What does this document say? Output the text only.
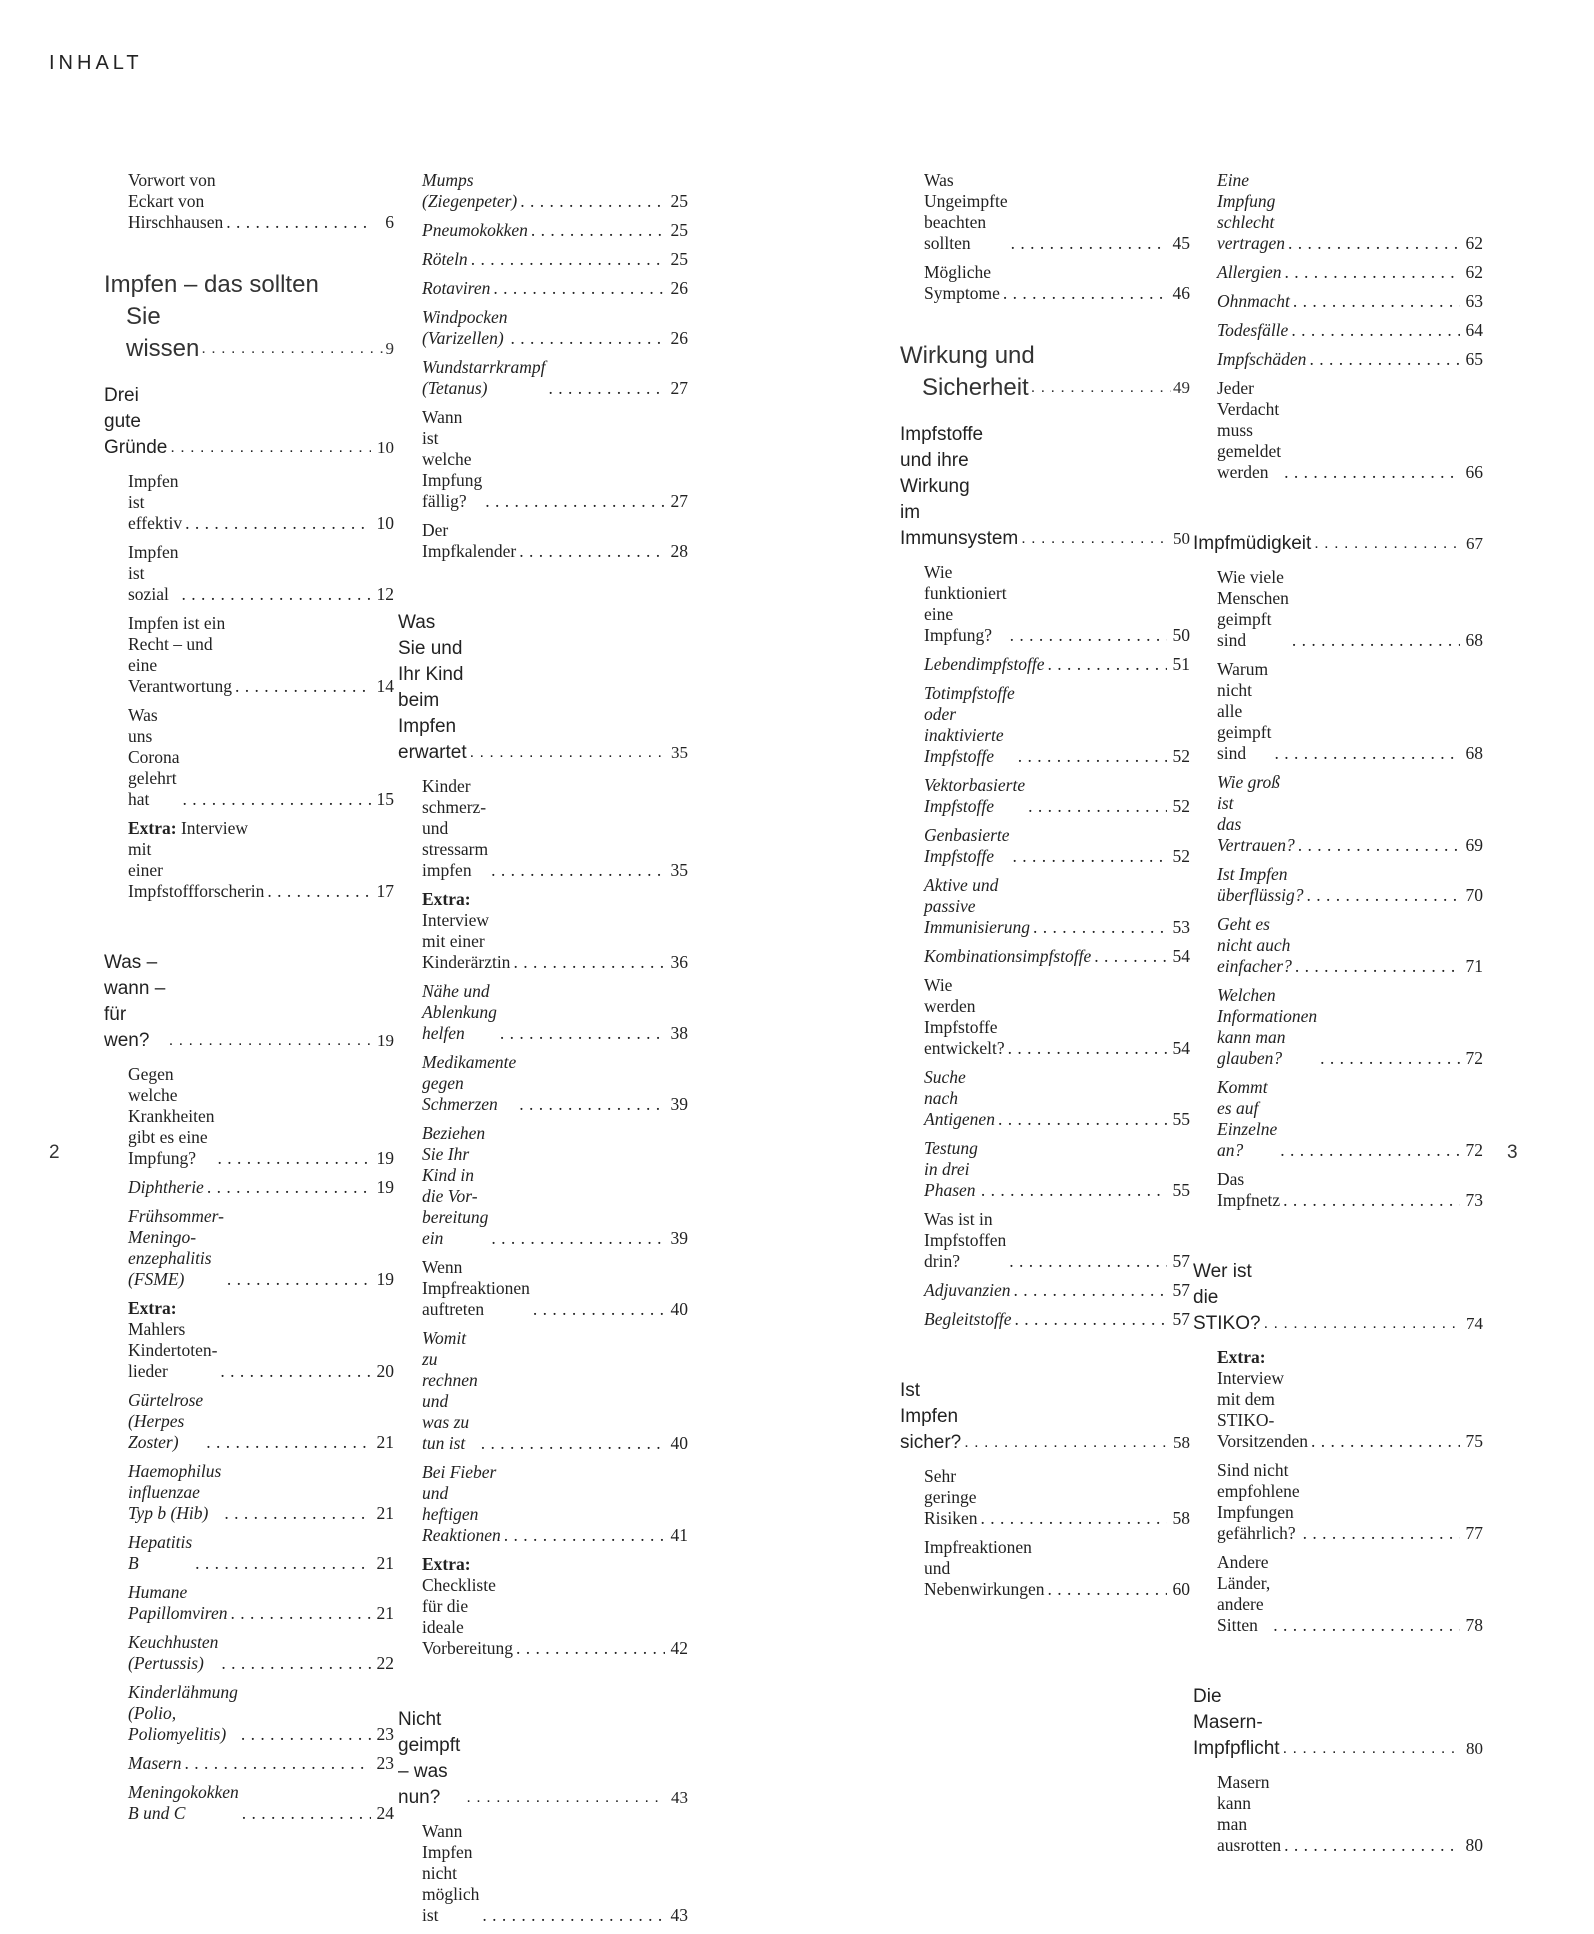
INHALT
Vorwort von Eckart von
Hirschhausen . . .	6
Impfen – das sollten
Sie wissen . . .	9
Drei gute Gründe . . .	10
Impfen ist effektiv . . .	10
Impfen ist sozial . . .	12
Impfen ist ein Recht – und
eine Verantwortung . . .	14
Was uns Corona
gelehrt hat . . .	15
Extra: Interview mit
einer Impfstoffforscherin . . .	17
Was – wann – für wen? . . .	19
Gegen welche Krankheiten
gibt es eine Impfung? . . .	19
Diphtherie . . .	19
Frühsommer-Meningo-
enzephalitis (FSME) . . .	19
Extra: Mahlers Kindertoten-
lieder . . .	20
Gürtelrose
(Herpes Zoster) . . .	21
Haemophilus influenzae
Typ b (Hib) . . .	21
Hepatitis B . . .	21
Humane Papillomviren . . .	21
Keuchhusten (Pertussis) . . .	22
Kinderlähmung
(Polio, Poliomyelitis) . . .	23
Masern . . .	23
Meningokokken B und C . . .	24
Mumps (Ziegenpeter) . . .	25
Pneumokokken . . .	25
Röteln . . .	25
Rotaviren . . .	26
Windpocken (Varizellen) . . .	26
Wundstarrkrampf
(Tetanus) . . .	27
Wann ist welche Impfung
fällig? . . .	27
Der Impfkalender . . .	28
Was Sie und Ihr Kind beim
Impfen erwartet . . .	35
Kinder schmerz- und
stressarm impfen . . .	35
Extra: Interview mit einer
Kinderärztin . . .	36
Nähe und Ablenkung
helfen . . .	38
Medikamente gegen
Schmerzen . . .	39
Beziehen Sie Ihr Kind in die Vor-
bereitung ein . . .	39
Wenn Impfreaktionen
auftreten . . .	40
Womit zu rechnen und
was zu tun ist . . .	40
Bei Fieber und heftigen
Reaktionen . . .	41
Extra: Checkliste für die
ideale Vorbereitung . . .	42
Nicht geimpft – was nun? . . .	43
Wann Impfen nicht
möglich ist . . .	43
Was Ungeimpfte beachten
sollten . . .	45
Mögliche Symptome . . .	46
Wirkung und
Sicherheit . . .	49
Impfstoffe und ihre Wirkung
im Immunsystem . . .	50
Wie funktioniert
eine Impfung? . . .	50
Lebendimpfstoffe . . .	51
Totimpfstoffe oder inaktivierte
Impfstoffe . . .	52
Vektorbasierte Impfstoffe . . .	52
Genbasierte Impfstoffe . . .	52
Aktive und passive
Immunisierung . . .	53
Kombinationsimpfstoffe . . .	54
Wie werden Impfstoffe
entwickelt? . . .	54
Suche nach Antigenen . . .	55
Testung in drei Phasen . . .	55
Was ist in Impfstoffen
drin? . . .	57
Adjuvanzien . . .	57
Begleitstoffe . . .	57
Ist Impfen sicher? . . .	58
Sehr geringe Risiken . . .	58
Impfreaktionen und
Nebenwirkungen . . .	60
Eine Impfung schlecht
vertragen . . .	62
Allergien . . .	62
Ohnmacht . . .	63
Todesfälle . . .	64
Impfschäden . . .	65
Jeder Verdacht muss
gemeldet werden . . .	66
Impfmüdigkeit . . .	67
Wie viele Menschen
geimpft sind . . .	68
Warum nicht alle
geimpft sind . . .	68
Wie groß ist
das Vertrauen? . . .	69
Ist Impfen überflüssig? . . .	70
Geht es nicht auch
einfacher? . . .	71
Welchen Informationen kann man
glauben? . . .	72
Kommt es auf
Einzelne an? . . .	72
Das Impfnetz . . .	73
Wer ist die STIKO? . . .	74
Extra: Interview mit dem
STIKO-Vorsitzenden . . .	75
Sind nicht empfohlene
Impfungen gefährlich? . . .	77
Andere Länder,
andere Sitten . . .	78
Die Masern-Impfpflicht . . .	80
Masern kann
man ausrotten . . .	80
2	3
